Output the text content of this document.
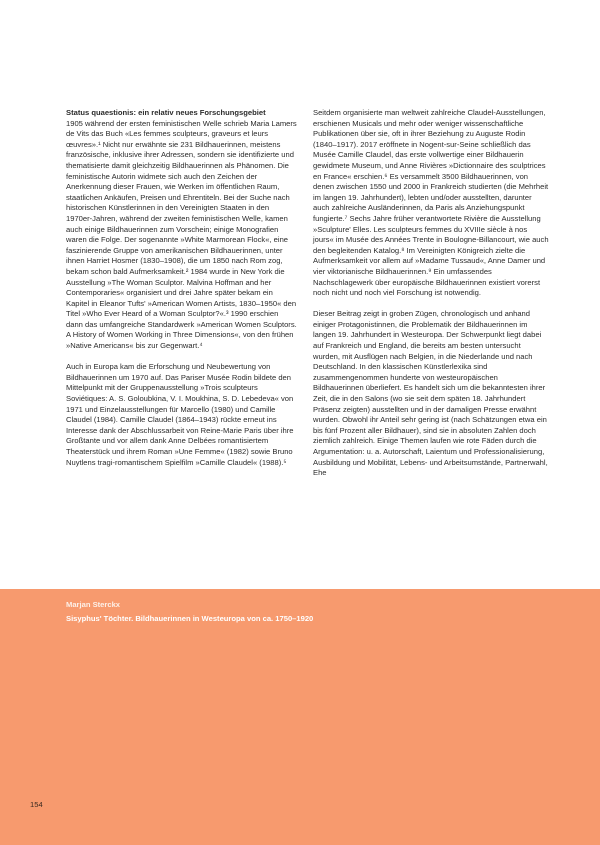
Status quaestionis: ein relativ neues Forschungsgebiet
1905 während der ersten feministischen Welle schrieb Maria Lamers de Vits das Buch «Les femmes sculpteurs, graveurs et leurs œuvres».¹ Nicht nur erwähnte sie 231 Bildhauerinnen, meistens französische, inklusive ihrer Adressen, sondern sie identifizierte und thematisierte damit gleichzeitig Bildhauerinnen als Phänomen. Die feministische Autorin widmete sich auch den Zeichen der Anerkennung dieser Frauen, wie Werken im öffentlichen Raum, staatlichen Ankäufen, Preisen und Ehrentiteln. Bei der Suche nach historischen Künstlerinnen in den Vereinigten Staaten in den 1970er-Jahren, während der zweiten feministischen Welle, kamen auch einige Bildhauerinnen zum Vorschein; einige Monografien waren die Folge. Der sogenannte »White Marmorean Flock«, eine faszinierende Gruppe von amerikanischen Bildhauerinnen, unter ihnen Harriet Hosmer (1830–1908), die um 1850 nach Rom zog, bekam schon bald Aufmerksamkeit.² 1984 wurde in New York die Ausstellung »The Woman Sculptor. Malvina Hoffman and her Contemporaries« organisiert und drei Jahre später bekam ein Kapitel in Eleanor Tufts' »American Women Artists, 1830–1950« den Titel »Who Ever Heard of a Woman Sculptor?«.³ 1990 erschien dann das umfangreiche Standardwerk »American Women Sculptors. A History of Women Working in Three Dimensions«, von den frühen »Native Americans« bis zur Gegenwart.⁴

Auch in Europa kam die Erforschung und Neubewertung von Bildhauerinnen um 1970 auf. Das Pariser Musée Rodin bildete den Mittelpunkt mit der Gruppenausstellung »Trois sculpteurs Soviétiques: A. S. Goloubkina, V. I. Moukhina, S. D. Lebedeva« von 1971 und Einzelausstellungen für Marcello (1980) und Camille Claudel (1984). Camille Claudel (1864–1943) rückte erneut ins Interesse dank der Abschlussarbeit von Reine-Marie Paris über ihre Großtante und vor allem dank Anne Delbées romantisiertem Theaterstück und ihrem Roman »Une Femme« (1982) sowie Bruno Nuytlens tragi-romantischem Spielfilm »Camille Claudel« (1988).⁵

Seitdem organisierte man weltweit zahlreiche Claudel-Ausstellungen, erschienen Musicals und mehr oder weniger wissenschaftliche Publikationen über sie, oft in ihrer Beziehung zu Auguste Rodin (1840–1917). 2017 eröffnete in Nogent-sur-Seine schließlich das Musée Camille Claudel, das erste vollwertige einer Bildhauerin gewidmete Museum, und Anne Rivières »Dictionnaire des sculptrices en France« erschien.⁶ Es versammelt 3500 Bildhauerinnen, von denen zwischen 1550 und 2000 in Frankreich studierten (die Mehrheit im langen 19. Jahrhundert), lebten und/oder ausstellten, darunter auch zahlreiche Ausländerinnen, da Paris als Anziehungspunkt fungierte.⁷ Sechs Jahre früher verantwortete Rivière die Ausstellung »Sculpture' Elles. Les sculpteurs femmes du XVIIIe siècle à nos jours« im Musée des Années Trente in Boulogne-Billancourt, wie auch den begleitenden Katalog.⁸ Im Vereinigten Königreich zielte die Aufmerksamkeit vor allem auf »Madame Tussaud«, Anne Damer und vier viktorianische Bildhauerinnen.⁹ Ein umfassendes Nachschlagewerk über europäische Bildhauerinnen existiert vorerst noch nicht und noch viel Forschung ist notwendig.

Dieser Beitrag zeigt in groben Zügen, chronologisch und anhand einiger Protagonistinnen, die Problematik der Bildhauerinnen im langen 19. Jahrhundert in Westeuropa. Der Schwerpunkt liegt dabei auf Frankreich und England, die bereits am besten untersucht wurden, mit Ausflügen nach Belgien, in die Niederlande und nach Deutschland. In den klassischen Künstlerlexika sind zusammengenommen hunderte von westeuropäischen Bildhauerinnen überliefert. Es handelt sich um die bekanntesten ihrer Zeit, die in den Salons (wo sie seit dem späten 18. Jahrhundert Präsenz zeigten) ausstellten und in der damaligen Presse erwähnt wurden. Obwohl ihr Anteil sehr gering ist (nach Schätzungen etwa ein bis fünf Prozent aller Bildhauer), sind sie in absoluten Zahlen doch ziemlich zahlreich. Einige Themen laufen wie rote Fäden durch die Argumentation: u. a. Autorschaft, Laientum und Professionalisierung, Ausbildung und Mobilität, Lebens- und Arbeitsumstände, Partnerwahl, Ehe

Marjan Sterckx
Sisyphus' Töchter. Bildhauerinnen in Westeuropa von ca. 1750–1920
154
